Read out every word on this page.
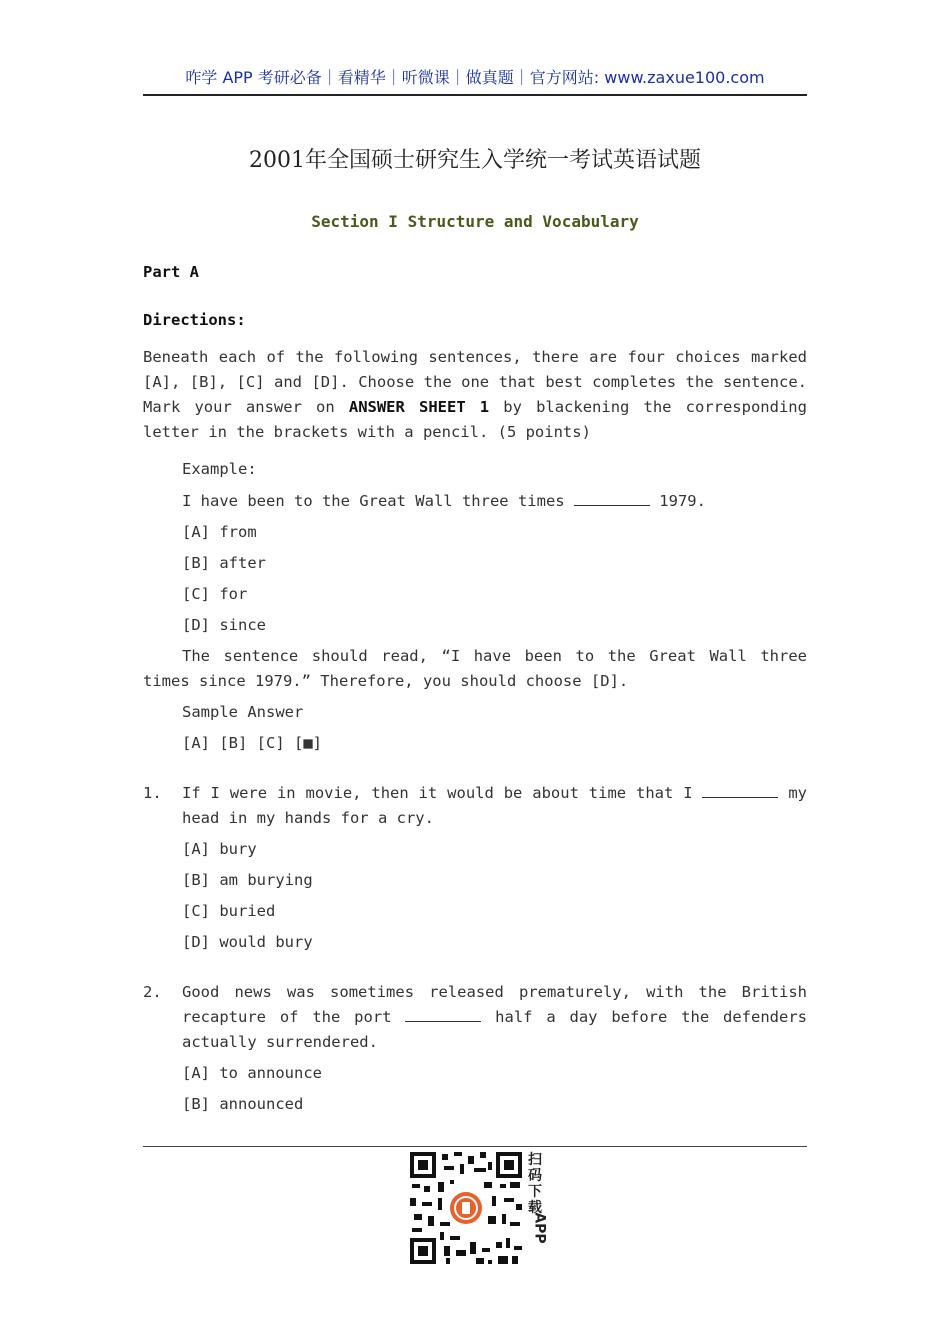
咋学 APP 考研必备｜看精华｜听微课｜做真题｜官方网站: www.zaxue100.com
2001年全国硕士研究生入学统一考试英语试题
Section I Structure and Vocabulary
Part A
Directions:
Beneath each of the following sentences, there are four choices marked
[A], [B], [C] and [D]. Choose the one that best completes the sentence.
Mark your answer on ANSWER SHEET 1 by blackening the corresponding
letter in the brackets with a pencil. (5 points)
Example:
I have been to the Great Wall three times	1979.
[A] from
[B] after
[C] for
[D] since
The sentence should read, “I have been to the Great Wall three
times since 1979.” Therefore, you should choose [D].
Sample Answer
[A] [B] [C] [■]
1. If I were in movie, then it would be about time that I	my
head in my hands for a cry.
[A] bury
[B] am burying
[C] buried
[D] would bury
2. Good news was sometimes released prematurely, with the British
recapture of the port	half a day before the defenders
actually surrendered.
[A] to announce
[B] announced
扫
码
下
载
APP
